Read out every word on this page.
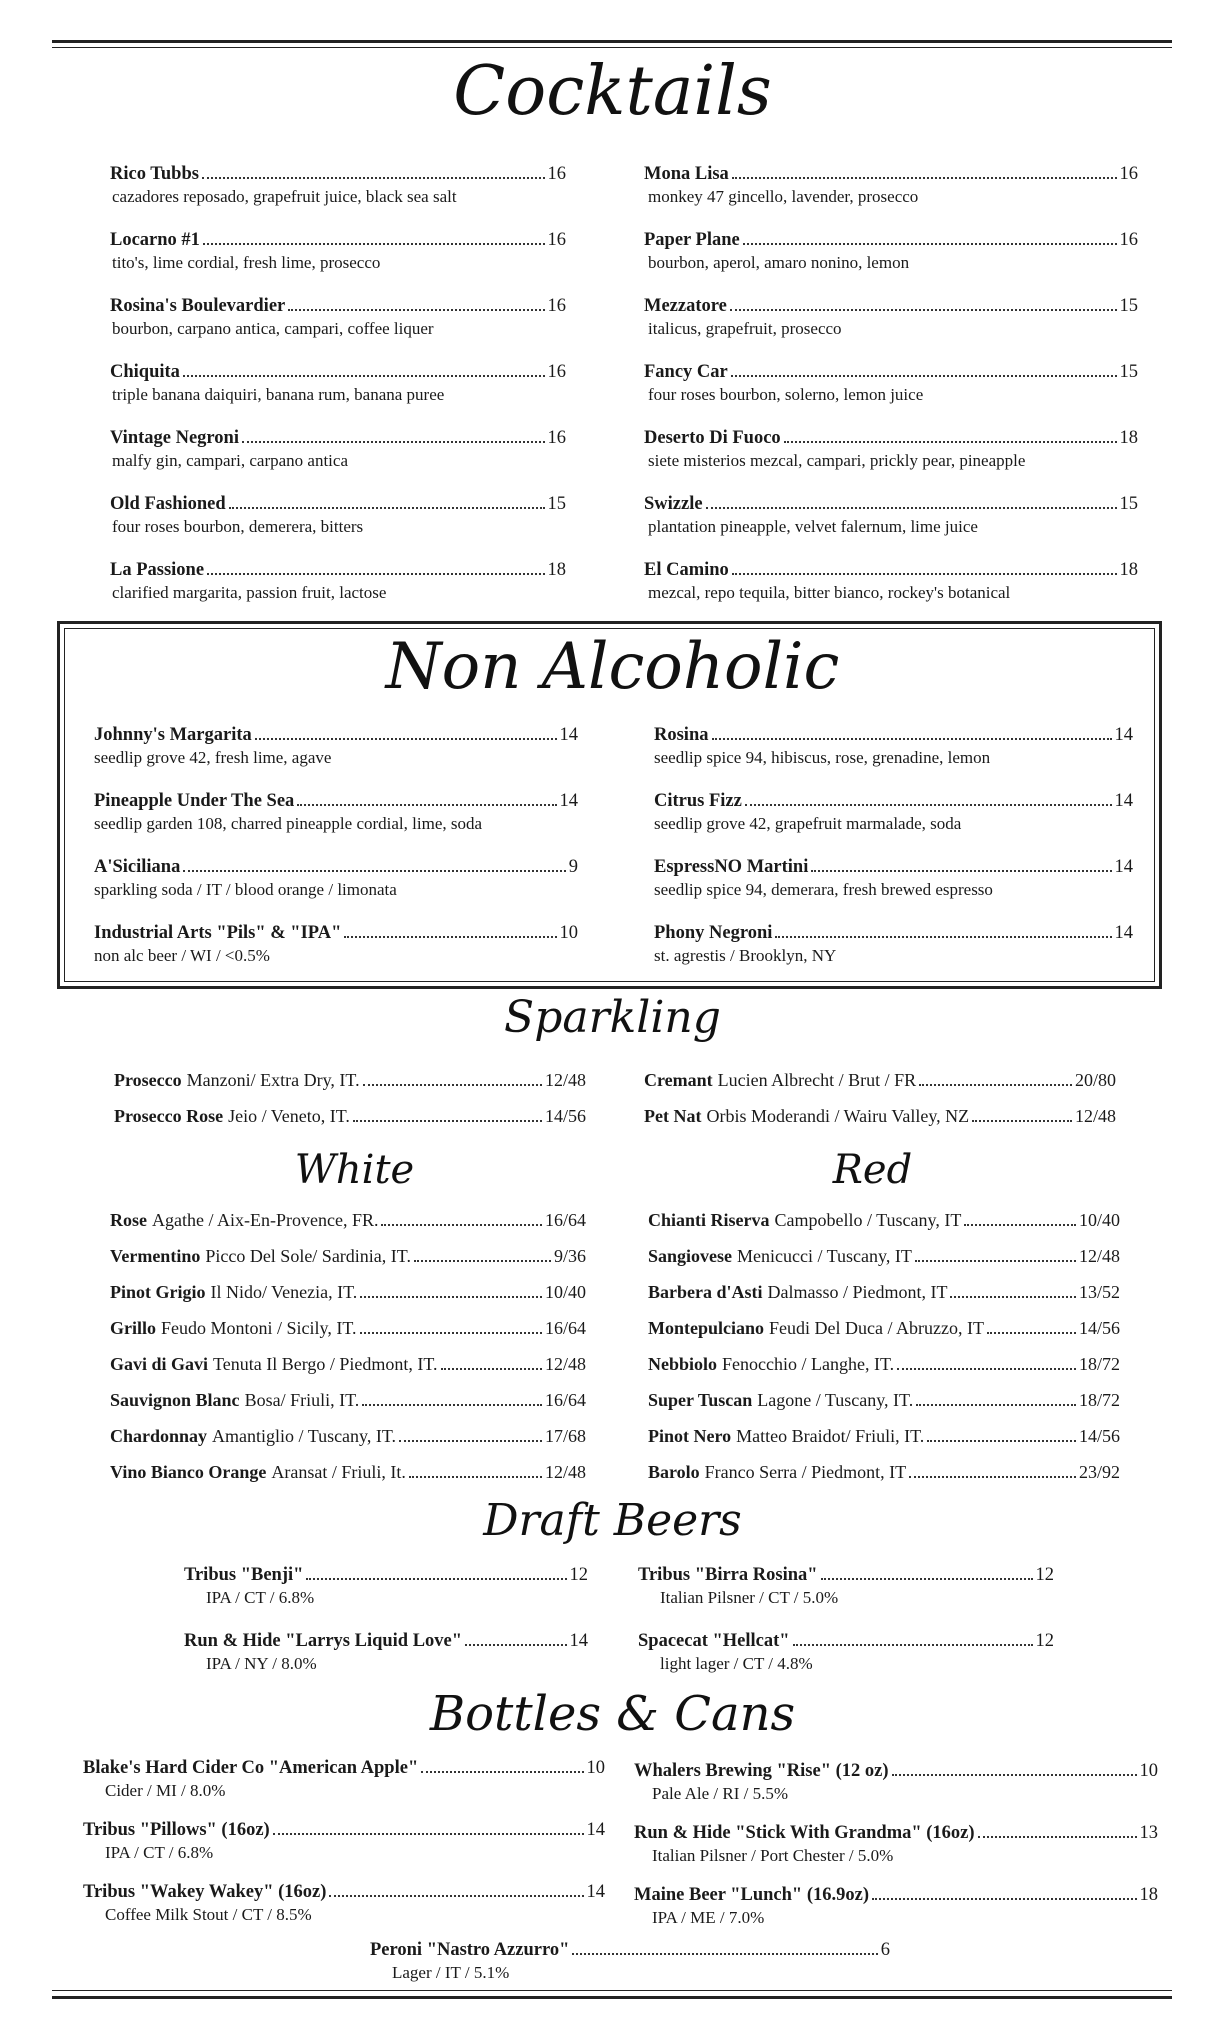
Cocktails
Rico Tubbs	16
cazadores reposado, grapefruit juice, black sea salt
Locarno #1	16
tito's, lime cordial, fresh lime, prosecco
Rosina's Boulevardier	16
bourbon, carpano antica, campari, coffee liquer
Chiquita	16
triple banana daiquiri, banana rum, banana puree
Vintage Negroni	16
malfy gin, campari, carpano antica
Old Fashioned	15
four roses bourbon, demerera, bitters
La Passione	18
clarified margarita, passion fruit, lactose
Mona Lisa	16
monkey 47 gincello, lavender, prosecco
Paper Plane	16
bourbon, aperol, amaro nonino, lemon
Mezzatore	15
italicus, grapefruit, prosecco
Fancy Car	15
four roses bourbon, solerno, lemon juice
Deserto Di Fuoco	18
siete misterios mezcal, campari, prickly pear, pineapple
Swizzle	15
plantation pineapple, velvet falernum, lime juice
El Camino	18
mezcal, repo tequila, bitter bianco, rockey's botanical
Non Alcoholic
Johnny's Margarita	14
seedlip grove 42, fresh lime, agave
Pineapple Under The Sea	14
seedlip garden 108, charred pineapple cordial, lime, soda
A'Siciliana	9
sparkling soda / IT / blood orange / limonata
Industrial Arts "Pils" & "IPA"	10
non alc beer / WI / <0.5%
Rosina	14
seedlip spice 94, hibiscus, rose, grenadine, lemon
Citrus Fizz	14
seedlip grove 42, grapefruit marmalade, soda
EspressNO Martini	14
seedlip spice 94, demerara, fresh brewed espresso
Phony Negroni	14
st. agrestis / Brooklyn, NY
Sparkling
Prosecco Manzoni/ Extra Dry, IT.	12/48
Prosecco Rose Jeio / Veneto, IT.	14/56
Cremant Lucien Albrecht / Brut / FR	20/80
Pet Nat Orbis Moderandi / Wairu Valley, NZ	12/48
White	Red
Rose Agathe / Aix-En-Provence, FR.	16/64
Vermentino Picco Del Sole/ Sardinia, IT.	9/36
Pinot Grigio Il Nido/ Venezia, IT.	10/40
Grillo Feudo Montoni / Sicily, IT.	16/64
Gavi di Gavi Tenuta Il Bergo / Piedmont, IT.	12/48
Sauvignon Blanc Bosa/ Friuli, IT.	16/64
Chardonnay Amantiglio / Tuscany, IT.	17/68
Vino Bianco Orange Aransat / Friuli, It.	12/48
Chianti Riserva Campobello / Tuscany, IT	10/40
Sangiovese Menicucci / Tuscany, IT	12/48
Barbera d'Asti Dalmasso / Piedmont, IT	13/52
Montepulciano Feudi Del Duca / Abruzzo, IT	14/56
Nebbiolo Fenocchio / Langhe, IT.	18/72
Super Tuscan Lagone / Tuscany, IT.	18/72
Pinot Nero Matteo Braidot/ Friuli, IT.	14/56
Barolo Franco Serra / Piedmont, IT	23/92
Draft Beers
Tribus "Benji"	12
IPA / CT / 6.8%
Run & Hide "Larrys Liquid Love"	14
IPA / NY / 8.0%
Tribus "Birra Rosina"	12
Italian Pilsner / CT / 5.0%
Spacecat "Hellcat"	12
light lager / CT / 4.8%
Bottles & Cans
Blake's Hard Cider Co "American Apple"	10
Cider / MI / 8.0%
Tribus "Pillows" (16oz)	14
IPA / CT / 6.8%
Tribus "Wakey Wakey" (16oz)	14
Coffee Milk Stout / CT / 8.5%
Whalers Brewing "Rise" (12 oz)	10
Pale Ale / RI / 5.5%
Run & Hide "Stick With Grandma" (16oz)	13
Italian Pilsner / Port Chester / 5.0%
Maine Beer "Lunch" (16.9oz)	18
IPA / ME / 7.0%
Peroni "Nastro Azzurro"	6
Lager / IT / 5.1%
